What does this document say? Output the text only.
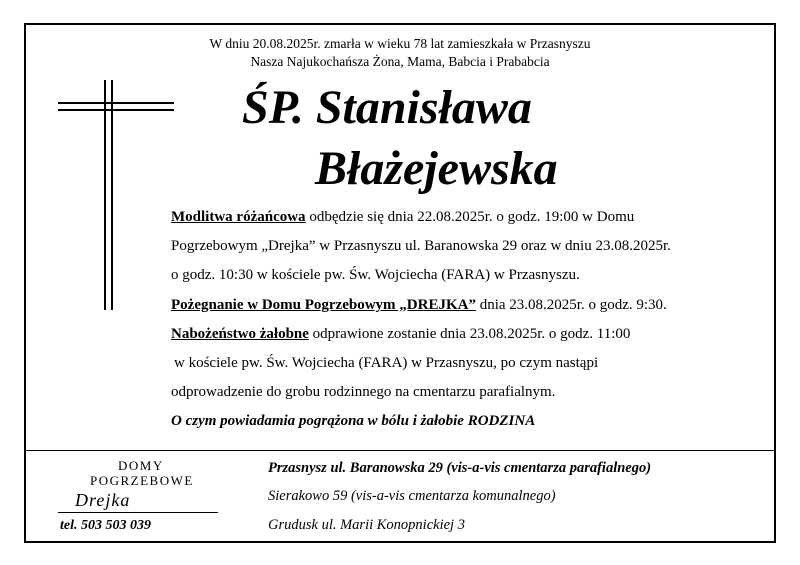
W dniu 20.08.2025r. zmarła w wieku 78 lat zamieszkała w Przasnyszu
Nasza Najukochańsza Żona, Mama, Babcia i Prababcia
ŚP. Stanisława
Błażejewska
Modlitwa różańcowa odbędzie się dnia 22.08.2025r. o godz. 19:00 w Domu
Pogrzebowym „Drejka” w Przasnyszu ul. Baranowska 29 oraz w dniu 23.08.2025r.
o godz. 10:30 w kościele pw. Św. Wojciecha (FARA) w Przasnyszu.
Pożegnanie w Domu Pogrzebowym „DREJKA” dnia 23.08.2025r. o godz. 9:30.
Nabożeństwo żałobne odprawione zostanie dnia 23.08.2025r. o godz. 11:00
w kościele pw. Św. Wojciecha (FARA) w Przasnyszu, po czym nastąpi
odprowadzenie do grobu rodzinnego na cmentarzu parafialnym.
O czym powiadamia pogrążona w bólu i żałobie RODZINA
DOMY
POGRZEBOWE
Drejka
tel. 503 503 039
Przasnysz ul. Baranowska 29 (vis-a-vis cmentarza parafialnego)
Sierakowo 59 (vis-a-vis cmentarza komunalnego)
Grudusk ul. Marii Konopnickiej 3
